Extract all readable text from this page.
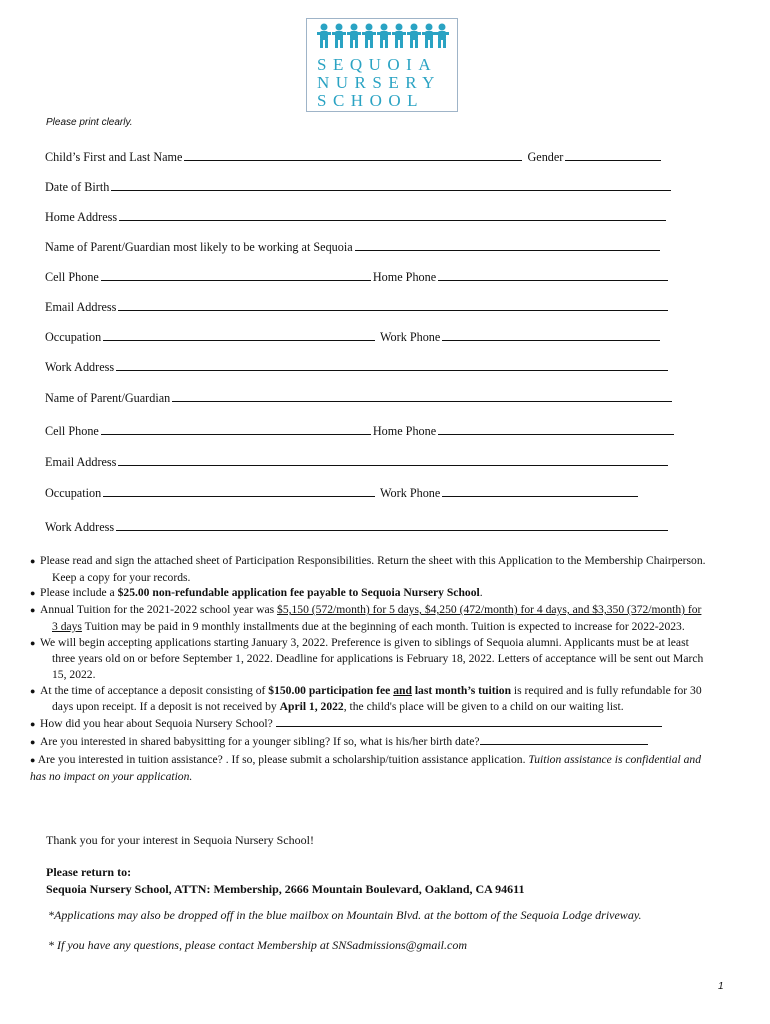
SEQUOIA
NURSERY
SCHOOL
Please print clearly.
Child’s First and Last Name	Gender
Date of Birth
Home Address
Name of Parent/Guardian most likely to be working at Sequoia
Cell Phone	Home Phone
Email Address
Occupation	Work Phone
Work Address
Name of Parent/Guardian
Cell Phone	Home Phone
Email Address
Occupation	Work Phone
Work Address
● Please read and sign the attached sheet of Participation Responsibilities. Return the sheet with this Application to the Membership Chairperson. Keep a copy for your records.
● Please include a $25.00 non-refundable application fee payable to Sequoia Nursery School.
● Annual Tuition for the 2021-2022 school year was $5,150 (572/month) for 5 days, $4,250 (472/month) for 4 days, and $3,350 (372/month) for 3 days Tuition may be paid in 9 monthly installments due at the beginning of each month. Tuition is expected to increase for 2022-2023.
● We will begin accepting applications starting January 3, 2022. Preference is given to siblings of Sequoia alumni. Applicants must be at least three years old on or before September 1, 2022. Deadline for applications is February 18, 2022. Letters of acceptance will be sent out March 15, 2022.
● At the time of acceptance a deposit consisting of $150.00 participation fee and last month’s tuition is required and is fully refundable for 30 days upon receipt. If a deposit is not received by April 1, 2022, the child's place will be given to a child on our waiting list.
● How did you hear about Sequoia Nursery School?
● Are you interested in shared babysitting for a younger sibling? If so, what is his/her birth date?
● Are you interested in tuition assistance? . If so, please submit a scholarship/tuition assistance application. Tuition assistance is confidential and has no impact on your application.
Thank you for your interest in Sequoia Nursery School!
Please return to:
Sequoia Nursery School, ATTN: Membership, 2666 Mountain Boulevard, Oakland, CA 94611
*Applications may also be dropped off in the blue mailbox on Mountain Blvd. at the bottom of the Sequoia Lodge driveway.
* If you have any questions, please contact Membership at SNSadmissions@gmail.com
1
